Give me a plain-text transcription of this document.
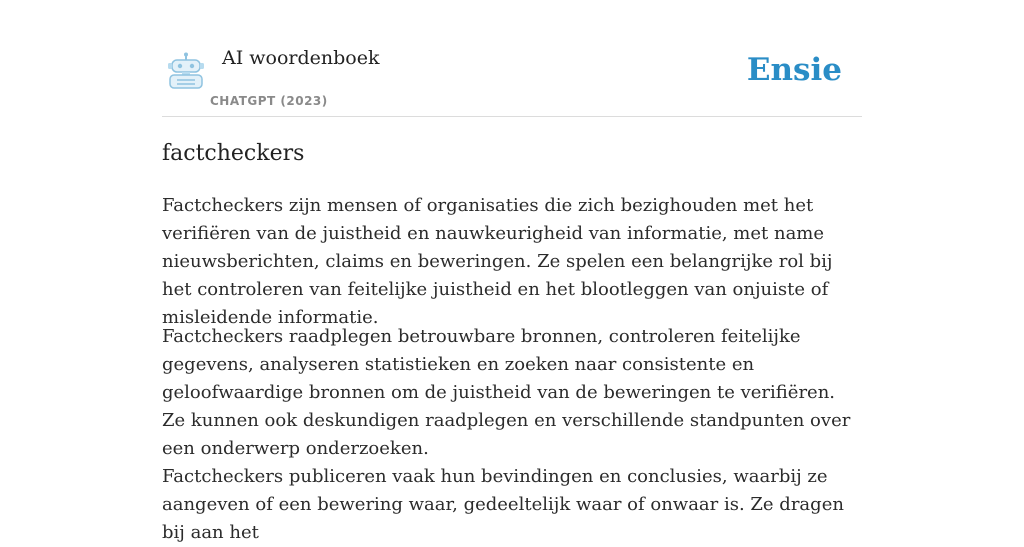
AI woordenboek
CHATGPT (2023)
Ensie
factcheckers

Factcheckers zijn mensen of organisaties die zich bezighouden met het verifiëren van de juistheid en nauwkeurigheid van informatie, met name nieuwsberichten, claims en beweringen. Ze spelen een belangrijke rol bij het controleren van feitelijke juistheid en het blootleggen van onjuiste of misleidende informatie.

Factcheckers raadplegen betrouwbare bronnen, controleren feitelijke gegevens, analyseren statistieken en zoeken naar consistente en geloofwaardige bronnen om de juistheid van de beweringen te verifiëren. Ze kunnen ook deskundigen raadplegen en verschillende standpunten over een onderwerp onderzoeken.

Factcheckers publiceren vaak hun bevindingen en conclusies, waarbij ze aangeven of een bewering waar, gedeeltelijk waar of onwaar is. Ze dragen bij aan het
